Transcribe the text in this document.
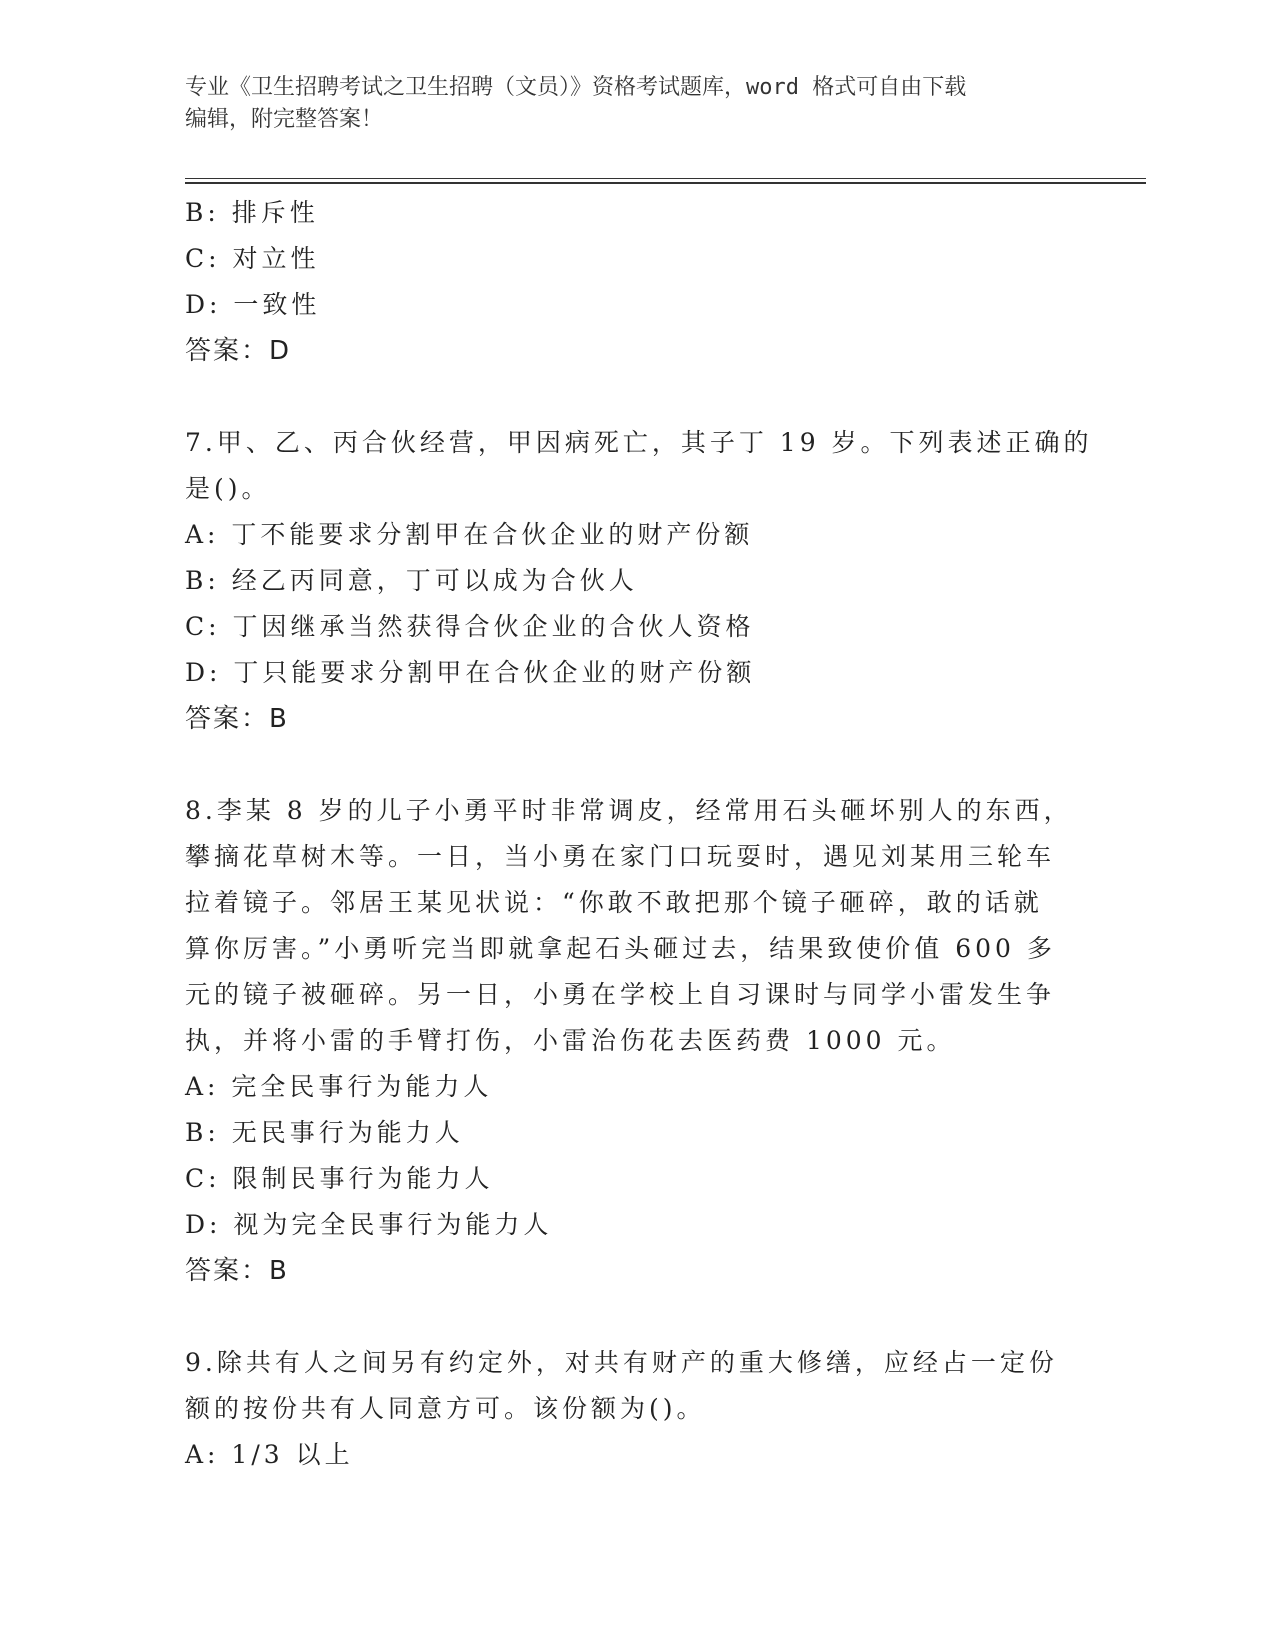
专业《卫生招聘考试之卫生招聘（文员）》资格考试题库，word 格式可自由下载
编辑，附完整答案！
B: 排斥性
C: 对立性
D: 一致性
答案：D
7.甲、乙、丙合伙经营，甲因病死亡，其子丁 19 岁。下列表述正确的
是()。
A: 丁不能要求分割甲在合伙企业的财产份额
B: 经乙丙同意，丁可以成为合伙人
C: 丁因继承当然获得合伙企业的合伙人资格
D: 丁只能要求分割甲在合伙企业的财产份额
答案：B
8.李某 8 岁的儿子小勇平时非常调皮，经常用石头砸坏别人的东西，
攀摘花草树木等。一日，当小勇在家门口玩耍时，遇见刘某用三轮车
拉着镜子。邻居王某见状说：“你敢不敢把那个镜子砸碎，敢的话就
算你厉害。”小勇听完当即就拿起石头砸过去，结果致使价值 600 多
元的镜子被砸碎。另一日，小勇在学校上自习课时与同学小雷发生争
执，并将小雷的手臂打伤，小雷治伤花去医药费 1000 元。
A: 完全民事行为能力人
B: 无民事行为能力人
C: 限制民事行为能力人
D: 视为完全民事行为能力人
答案：B
9.除共有人之间另有约定外，对共有财产的重大修缮，应经占一定份
额的按份共有人同意方可。该份额为()。
A: 1/3 以上
